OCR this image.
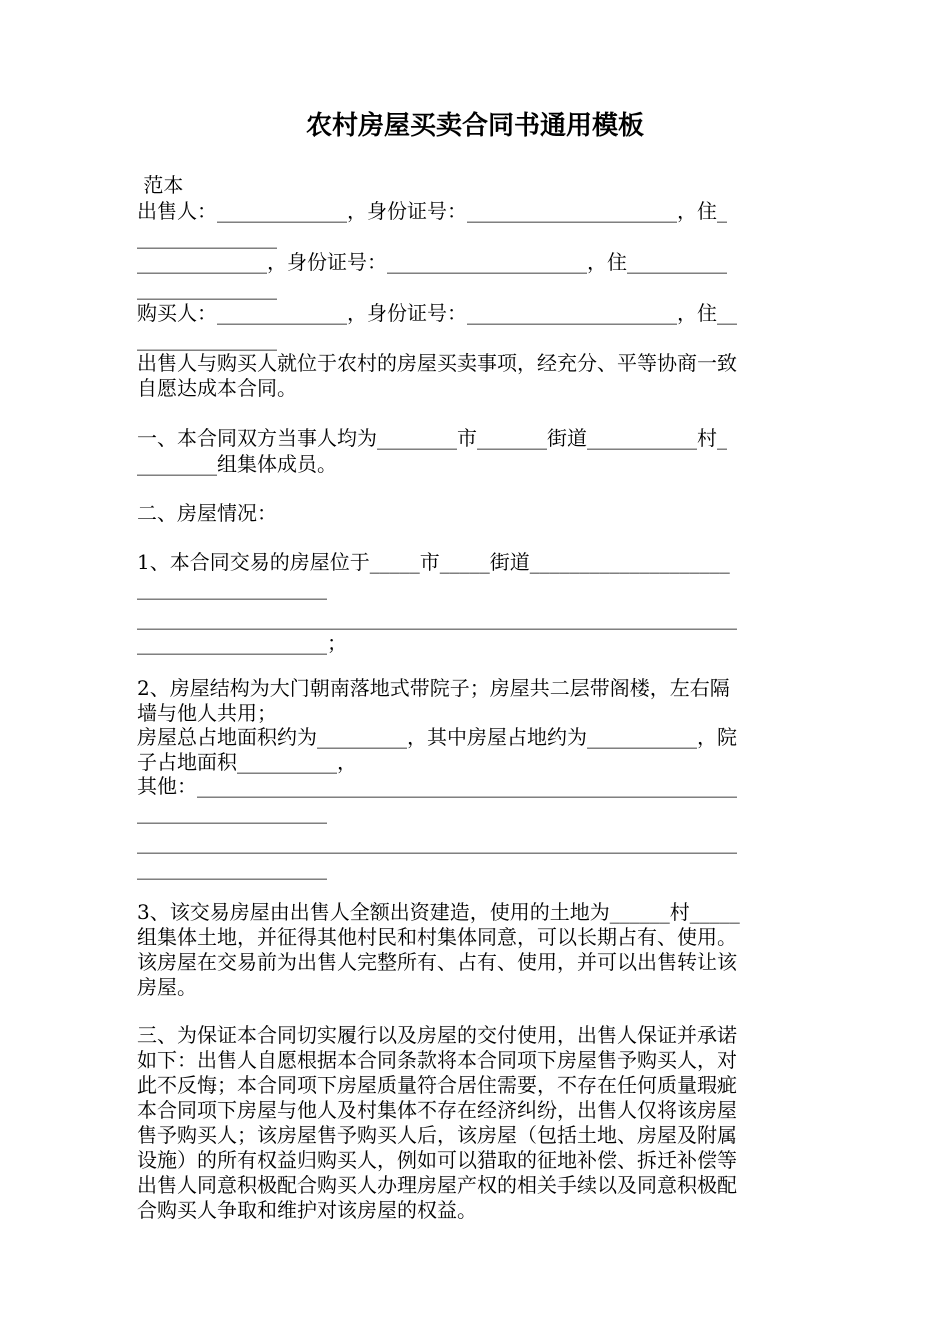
农村房屋买卖合同书通用模板
范本
出售人：_____________，身份证号：_____________________，住_
______________
_____________，身份证号：____________________，住__________
______________
购买人：_____________，身份证号：_____________________，住__
______________
出售人与购买人就位于农村的房屋买卖事项，经充分、平等协商一致
自愿达成本合同。
一、本合同双方当事人均为________市_______街道___________村_
________组集体成员。
二、房屋情况：
1、本合同交易的房屋位于_____市_____街道____________________
___________________
____________________________________________________________
___________________；
2、房屋结构为大门朝南落地式带院子；房屋共二层带阁楼，左右隔
墙与他人共用；
房屋总占地面积约为_________，其中房屋占地约为___________，院
子占地面积__________，
其他：______________________________________________________
___________________
____________________________________________________________
___________________
3、该交易房屋由出售人全额出资建造，使用的土地为______村_____
组集体土地，并征得其他村民和村集体同意，可以长期占有、使用。
该房屋在交易前为出售人完整所有、占有、使用，并可以出售转让该
房屋。
三、为保证本合同切实履行以及房屋的交付使用，出售人保证并承诺
如下：出售人自愿根据本合同条款将本合同项下房屋售予购买人，对
此不反悔；本合同项下房屋质量符合居住需要，不存在任何质量瑕疵
本合同项下房屋与他人及村集体不存在经济纠纷，出售人仅将该房屋
售予购买人；该房屋售予购买人后，该房屋（包括土地、房屋及附属
设施）的所有权益归购买人，例如可以猎取的征地补偿、拆迁补偿等
出售人同意积极配合购买人办理房屋产权的相关手续以及同意积极配
合购买人争取和维护对该房屋的权益。
